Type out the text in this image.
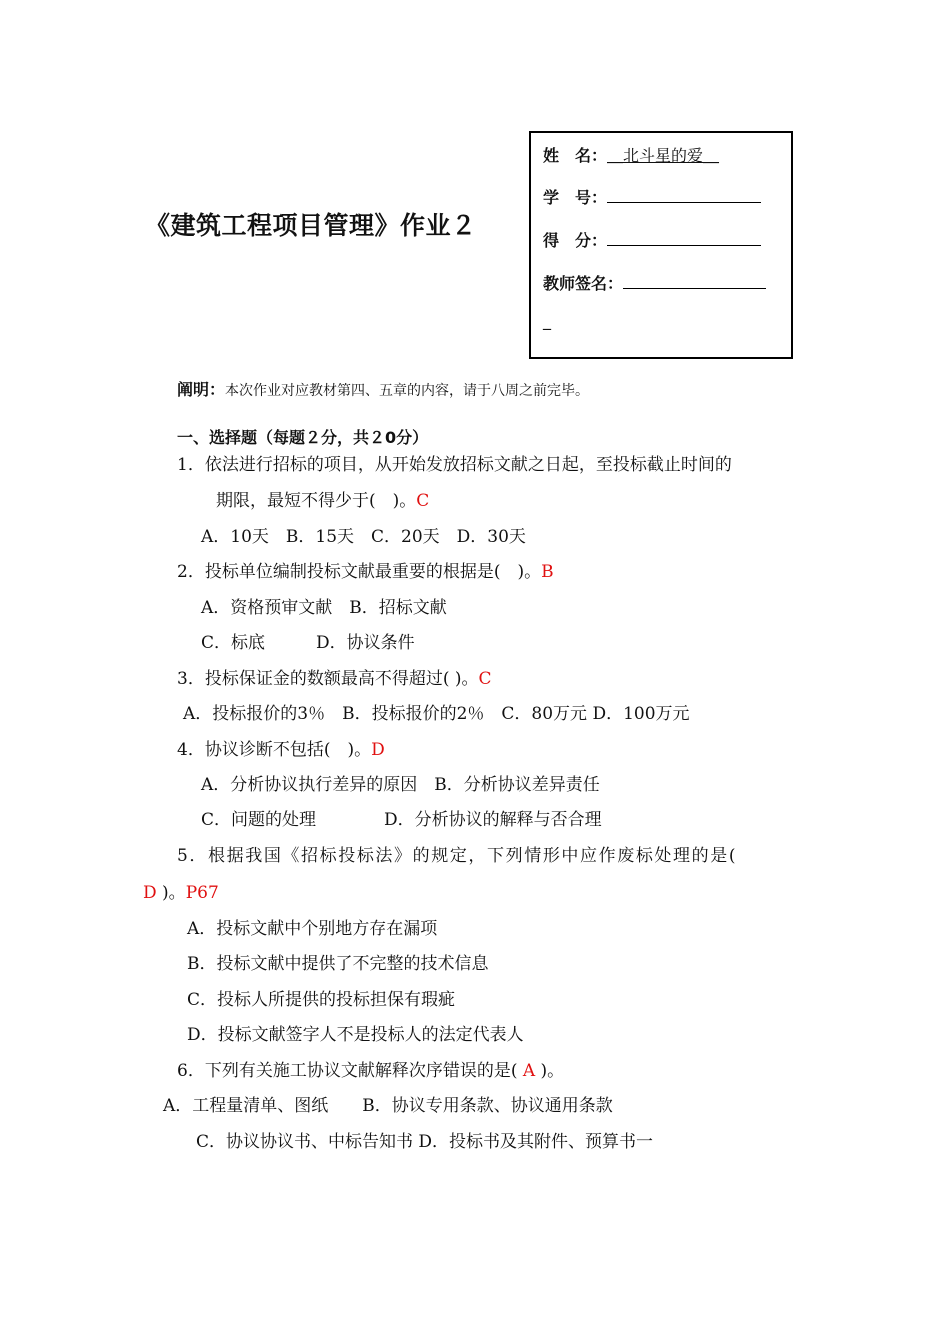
《建筑工程项目管理》作业２
姓　名：＿北斗星的爱＿
学　号：
得　分：
教师签名：
_
阐明：本次作业对应教材第四、五章的内容，请于八周之前完毕。
一、选择题（每题２分，共２0分）
1．依法进行招标的项目，从开始发放招标文献之日起，至投标截止时间的
期限，最短不得少于(　)。C
A．10天　B．15天　C．20天　D．30天
2．投标单位编制投标文献最重要的根据是(　)。B
A．资格预审文献　B．招标文献
C．标底　　　D．协议条件
3．投标保证金的数额最高不得超过( )。C
A．投标报价的3％　B．投标报价的2％　C．80万元 D．100万元
4．协议诊断不包括(　)。D
A．分析协议执行差异的原因　B．分析协议差异责任
C．问题的处理　　　　D．分析协议的解释与否合理
5．根据我国《招标投标法》的规定，下列情形中应作废标处理的是(
D )。P67
A．投标文献中个别地方存在漏项
B．投标文献中提供了不完整的技术信息
C．投标人所提供的投标担保有瑕疵
D．投标文献签字人不是投标人的法定代表人
6．下列有关施工协议文献解释次序错误的是( A )。
A．工程量清单、图纸　　B．协议专用条款、协议通用条款
C．协议协议书、中标告知书 D．投标书及其附件、预算书一
